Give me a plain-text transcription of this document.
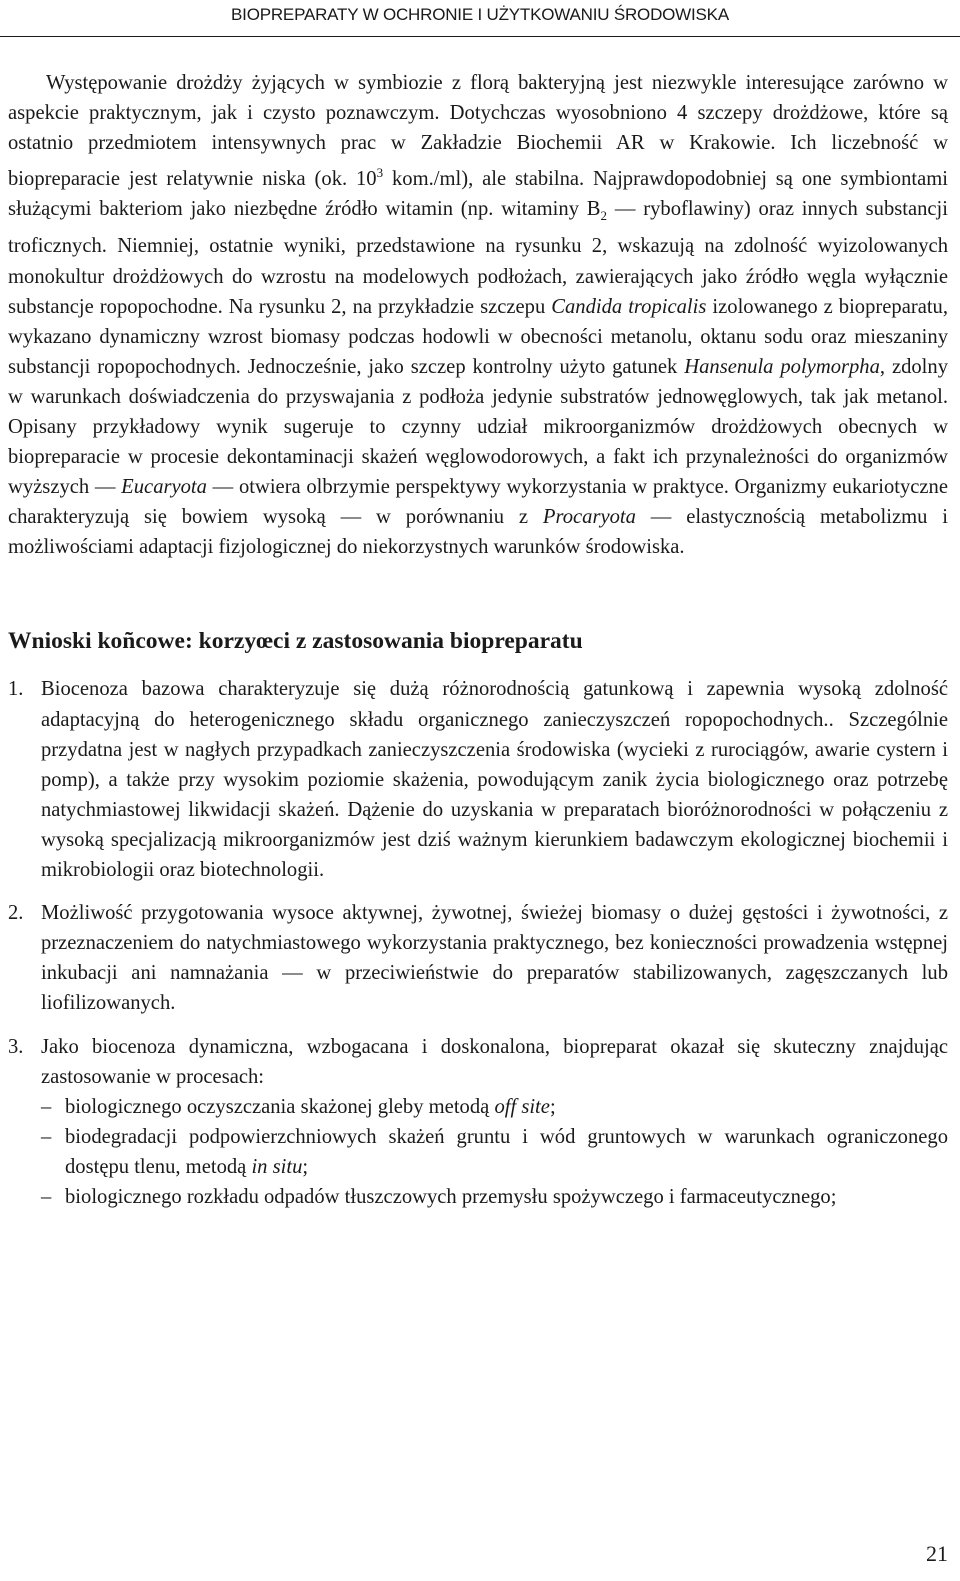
BIOPREPARATY W OCHRONIE I UŻYTKOWANIU ŚRODOWISKA

Występowanie drożdży żyjących w symbiozie z florą bakteryjną jest niezwykle interesujące zarówno w aspekcie praktycznym, jak i czysto poznawczym. Dotychczas wyosobniono 4 szczepy drożdżowe, które są ostatnio przedmiotem intensywnych prac w Zakładzie Biochemii AR w Krakowie. Ich liczebność w biopreparacie jest relatywnie niska (ok. $10^3$ kom./ml), ale stabilna. Najprawdopodobniej są one symbiontami służącymi bakteriom jako niezbędne źródło witamin (np. witaminy $B_2$ — ryboflawiny) oraz innych substancji troficznych. Niemniej, ostatnie wyniki, przedstawione na rysunku 2, wskazują na zdolność wyizolowanych monokultur drożdżowych do wzrostu na modelowych podłożach, zawierających jako źródło węgla wyłącznie substancje ropopochodne. Na rysunku 2, na przykładzie szczepu Candida tropicalis izolowanego z biopreparatu, wykazano dynamiczny wzrost biomasy podczas hodowli w obecności metanolu, oktanu sodu oraz mieszaniny substancji ropopochodnych. Jednocześnie, jako szczep kontrolny użyto gatunek Hansenula polymorpha, zdolny w warunkach doświadczenia do przyswajania z podłoża jedynie substratów jednowęglowych, tak jak metanol. Opisany przykładowy wynik sugeruje to czynny udział mikroorganizmów drożdżowych obecnych w biopreparacie w procesie dekontaminacji skażeń węglowodorowych, a fakt ich przynależności do organizmów wyższych — Eucaryota — otwiera olbrzymie perspektywy wykorzystania w praktyce. Organizmy eukariotyczne charakteryzują się bowiem wysoką — w porównaniu z Procaryota — elastycznością metabolizmu i możliwościami adaptacji fizjologicznej do niekorzystnych warunków środowiska.

Wnioski koñcowe: korzyœci z zastosowania biopreparatu
1. Biocenoza bazowa charakteryzuje się dużą różnorodnością gatunkową i zapewnia wysoką zdolność adaptacyjną do heterogenicznego składu organicznego zanieczyszczeń ropopochodnych.. Szczególnie przydatna jest w nagłych przypadkach zanieczyszczenia środowiska (wycieki z rurociągów, awarie cystern i pomp), a także przy wysokim poziomie skażenia, powodującym zanik życia biologicznego oraz potrzebę natychmiastowej likwidacji skażeń. Dążenie do uzyskania w preparatach bioróżnorodności w połączeniu z wysoką specjalizacją mikroorganizmów jest dziś ważnym kierunkiem badawczym ekologicznej biochemii i mikrobiologii oraz biotechnologii.
2. Możliwość przygotowania wysoce aktywnej, żywotnej, świeżej biomasy o dużej gęstości i żywotności, z przeznaczeniem do natychmiastowego wykorzystania praktycznego, bez konieczności prowadzenia wstępnej inkubacji ani namnażania — w przeciwieństwie do preparatów stabilizowanych, zagęszczanych lub liofilizowanych.
3. Jako biocenoza dynamiczna, wzbogacana i doskonalona, biopreparat okazał się skuteczny znajdując zastosowanie w procesach:
– biologicznego oczyszczania skażonej gleby metodą off site;
– biodegradacji podpowierzchniowych skażeń gruntu i wód gruntowych w warunkach ograniczonego dostępu tlenu, metodą in situ;
– biologicznego rozkładu odpadów tłuszczowych przemysłu spożywczego i farmaceutycznego;
21
